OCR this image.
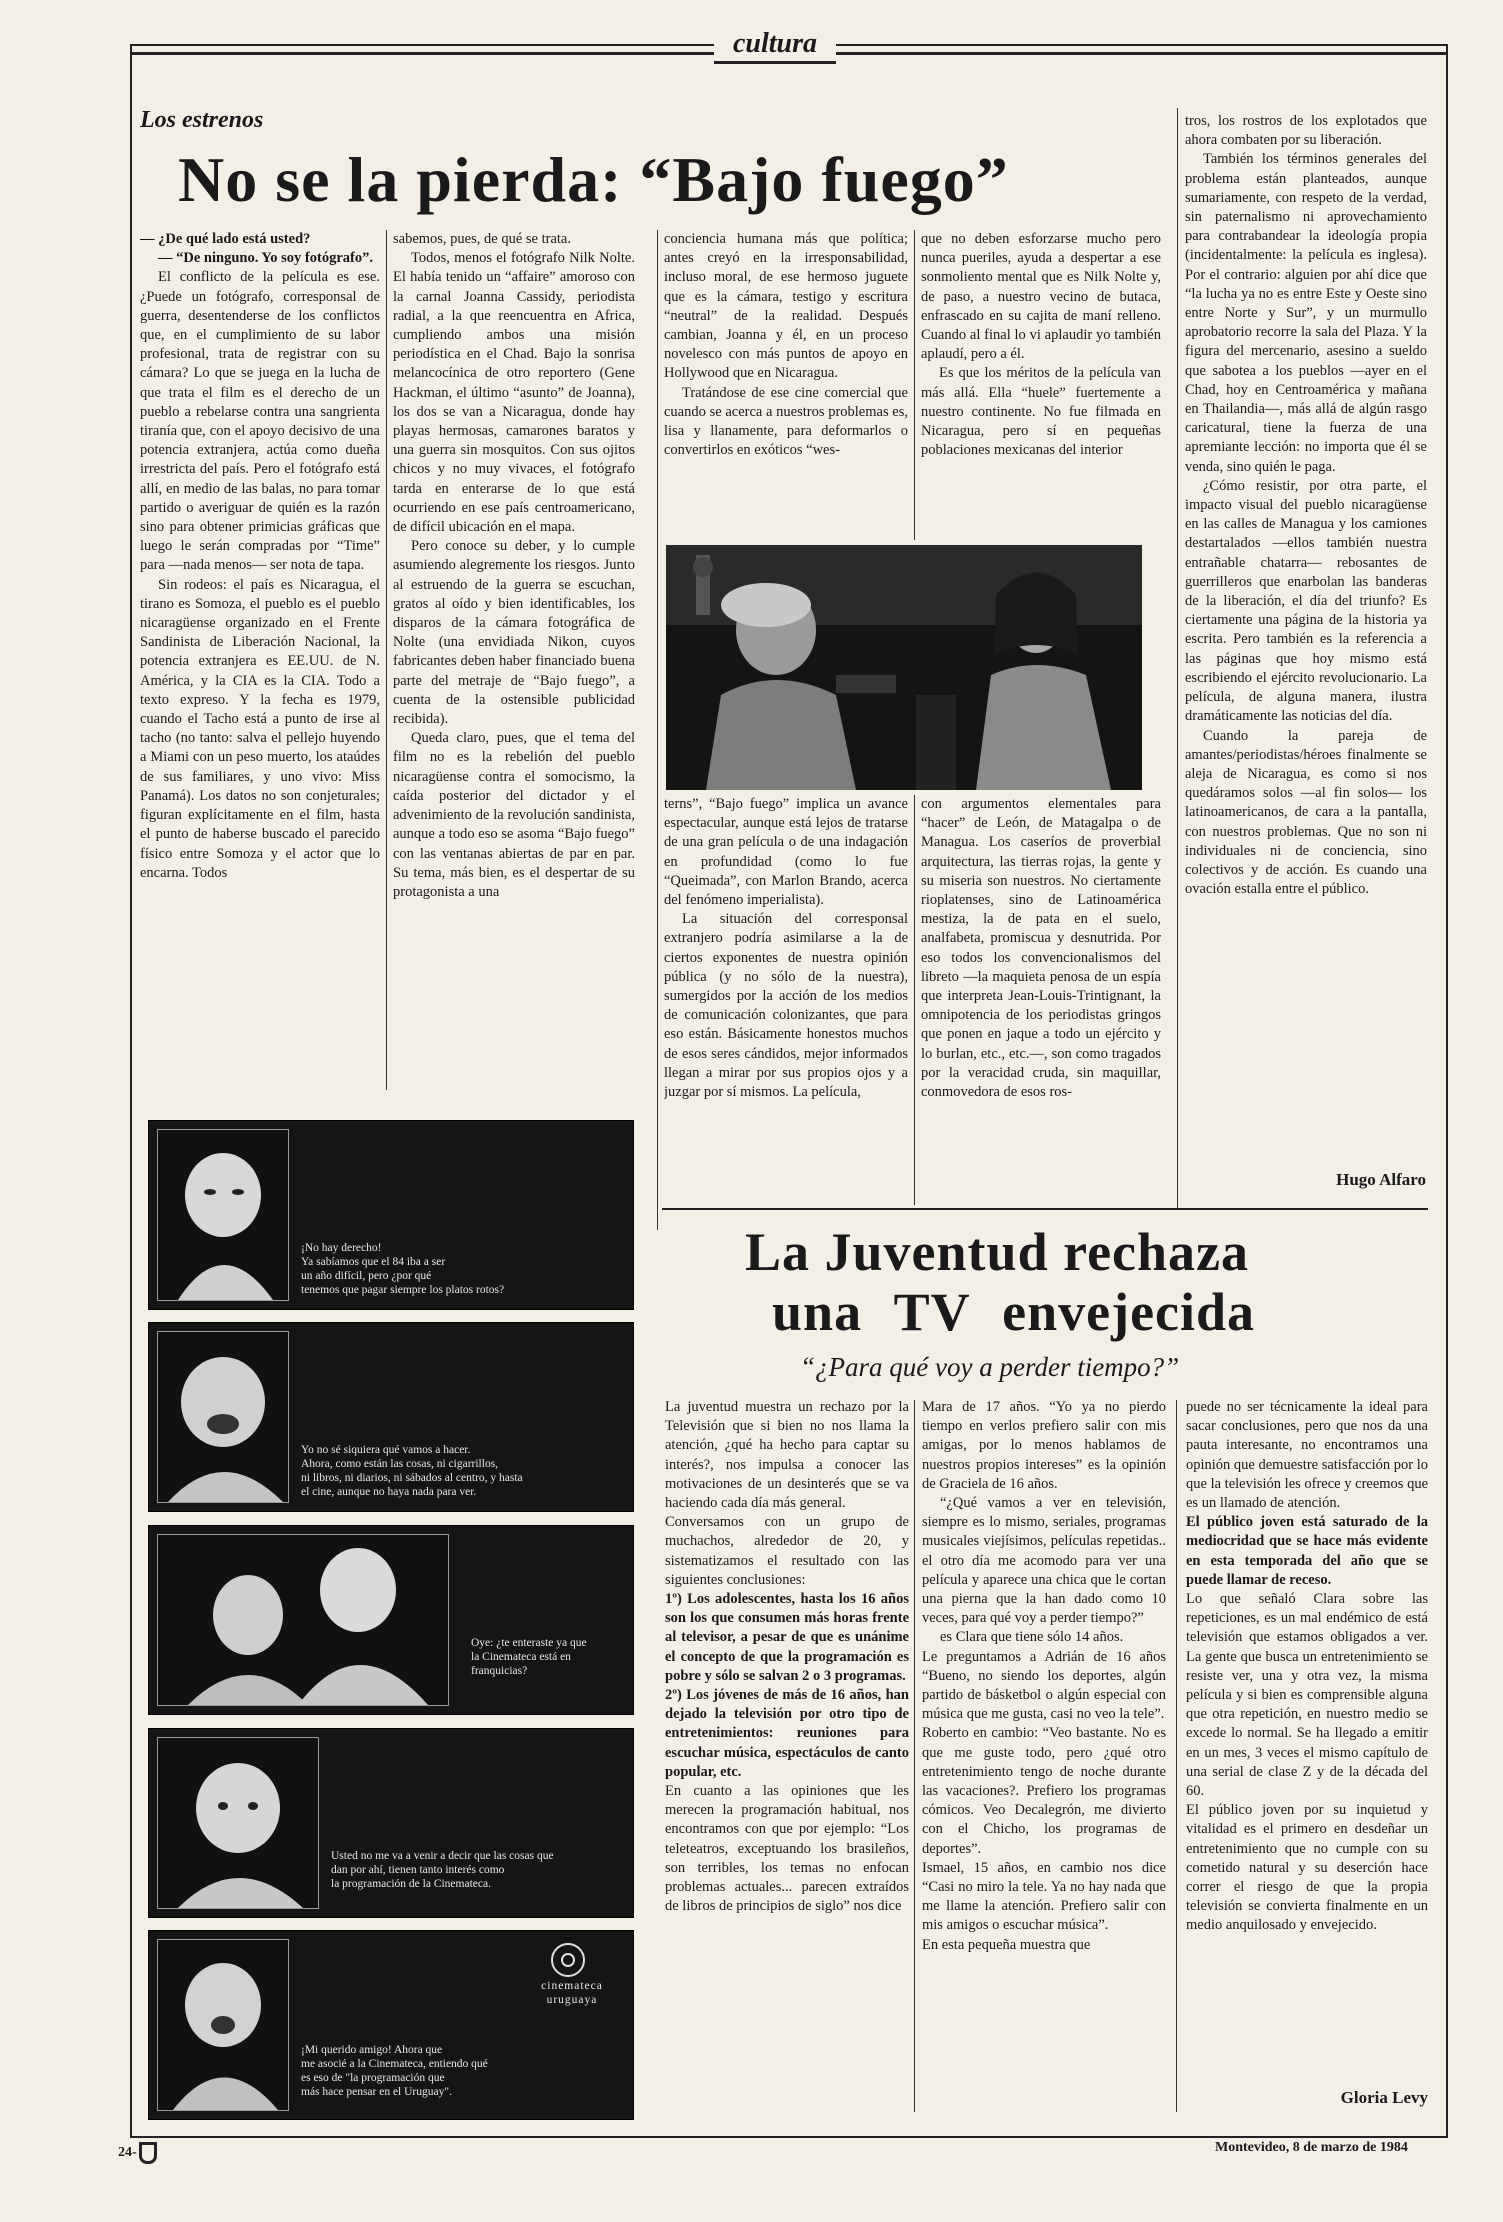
cultura
Los estrenos
No se la pierda: “Bajo fuego”

— ¿De qué lado está usted?

— “De ninguno. Yo soy fotógrafo”.

El conflicto de la película es ese. ¿Puede un fotógrafo, corresponsal de guerra, desentenderse de los conflictos que, en el cumplimiento de su labor profesional, trata de registrar con su cámara? Lo que se juega en la lucha de que trata el film es el derecho de un pueblo a rebelarse contra una sangrienta tiranía que, con el apoyo decisivo de una potencia extranjera, actúa como dueña irrestricta del país. Pero el fotógrafo está allí, en medio de las balas, no para tomar partido o averiguar de quién es la razón sino para obtener primicias gráficas que luego le serán compradas por “Time” para —nada menos— ser nota de tapa.

Sin rodeos: el país es Nicaragua, el tirano es Somoza, el pueblo es el pueblo nicaragüense organizado en el Frente Sandinista de Liberación Nacional, la potencia extranjera es EE.UU. de N. América, y la CIA es la CIA. Todo a texto expreso. Y la fecha es 1979, cuando el Tacho está a punto de irse al tacho (no tanto: salva el pellejo huyendo a Miami con un peso muerto, los ataúdes de sus familiares, y uno vivo: Miss Panamá). Los datos no son conjeturales; figuran explícitamente en el film, hasta el punto de haberse buscado el parecido físico entre Somoza y el actor que lo encarna. Todos

sabemos, pues, de qué se trata.

Todos, menos el fotógrafo Nilk Nolte. El había tenido un “affaire” amoroso con la carnal Joanna Cassidy, periodista radial, a la que reencuentra en Africa, cumpliendo ambos una misión periodística en el Chad. Bajo la sonrisa melancocínica de otro reportero (Gene Hackman, el último “asunto” de Joanna), los dos se van a Nicaragua, donde hay playas hermosas, camarones baratos y una guerra sin mosquitos. Con sus ojitos chicos y no muy vivaces, el fotógrafo tarda en enterarse de lo que está ocurriendo en ese país centroamericano, de difícil ubicación en el mapa.

Pero conoce su deber, y lo cumple asumiendo alegremente los riesgos. Junto al estruendo de la guerra se escuchan, gratos al oído y bien identificables, los disparos de la cámara fotográfica de Nolte (una envidiada Nikon, cuyos fabricantes deben haber financiado buena parte del metraje de “Bajo fuego”, a cuenta de la ostensible publicidad recibida).

Queda claro, pues, que el tema del film no es la rebelión del pueblo nicaragüense contra el somocismo, la caída posterior del dictador y el advenimiento de la revolución sandinista, aunque a todo eso se asoma “Bajo fuego” con las ventanas abiertas de par en par. Su tema, más bien, es el despertar de su protagonista a una

conciencia humana más que política; antes creyó en la irresponsabilidad, incluso moral, de ese hermoso juguete que es la cámara, testigo y escritura “neutral” de la realidad. Después cambian, Joanna y él, en un proceso novelesco con más puntos de apoyo en Hollywood que en Nicaragua.

Tratándose de ese cine comercial que cuando se acerca a nuestros problemas es, lisa y llanamente, para deformarlos o convertirlos en exóticos “wes-

que no deben esforzarse mucho pero nunca pueriles, ayuda a despertar a ese sonmoliento mental que es Nilk Nolte y, de paso, a nuestro vecino de butaca, enfrascado en su cajita de maní relleno. Cuando al final lo vi aplaudir yo también aplaudí, pero a él.

Es que los méritos de la película van más allá. Ella “huele” fuertemente a nuestro continente. No fue filmada en Nicaragua, pero sí en pequeñas poblaciones mexicanas del interior

tros, los rostros de los explotados que ahora combaten por su liberación.

También los términos generales del problema están planteados, aunque sumariamente, con respeto de la verdad, sin paternalismo ni aprovechamiento para contrabandear la ideología propia (incidentalmente: la película es inglesa). Por el contrario: alguien por ahí dice que “la lucha ya no es entre Este y Oeste sino entre Norte y Sur”, y un murmullo aprobatorio recorre la sala del Plaza. Y la figura del mercenario, asesino a sueldo que sabotea a los pueblos —ayer en el Chad, hoy en Centroamérica y mañana en Thailandia—, más allá de algún rasgo caricatural, tiene la fuerza de una apremiante lección: no importa que él se venda, sino quién le paga.

¿Cómo resistir, por otra parte, el impacto visual del pueblo nicaragüense en las calles de Managua y los camiones destartalados —ellos también nuestra entrañable chatarra— rebosantes de guerrilleros que enarbolan las banderas de la liberación, el día del triunfo? Es ciertamente una página de la historia ya escrita. Pero también es la referencia a las páginas que hoy mismo está escribiendo el ejército revolucionario. La película, de alguna manera, ilustra dramáticamente las noticias del día.

Cuando la pareja de amantes/periodistas/héroes finalmente se aleja de Nicaragua, es como si nos quedáramos solos —al fin solos— los latinoamericanos, de cara a la pantalla, con nuestros problemas. Que no son ni individuales ni de conciencia, sino colectivos y de acción. Es cuando una ovación estalla entre el público.

terns”, “Bajo fuego” implica un avance espectacular, aunque está lejos de tratarse de una gran película o de una indagación en profundidad (como lo fue “Queimada”, con Marlon Brando, acerca del fenómeno imperialista).

La situación del corresponsal extranjero podría asimilarse a la de ciertos exponentes de nuestra opinión pública (y no sólo de la nuestra), sumergidos por la acción de los medios de comunicación colonizantes, que para eso están. Básicamente honestos muchos de esos seres cándidos, mejor informados llegan a mirar por sus propios ojos y a juzgar por sí mismos. La película,

con argumentos elementales para “hacer” de León, de Matagalpa o de Managua. Los caseríos de proverbial arquitectura, las tierras rojas, la gente y su miseria son nuestros. No ciertamente rioplatenses, sino de Latinoamérica mestiza, la de pata en el suelo, analfabeta, promiscua y desnutrida. Por eso todos los convencionalismos del libreto —la maquieta penosa de un espía que interpreta Jean-Louis-Trintignant, la omnipotencia de los periodistas gringos que ponen en jaque a todo un ejército y lo burlan, etc., etc.—, son como tragados por la veracidad cruda, sin maquillar, conmovedora de esos ros-

Hugo Alfaro
¡No hay derecho!
Ya sabíamos que el 84 iba a ser
un año difícil, pero ¿por qué
tenemos que pagar siempre los platos rotos?
Yo no sé siquiera qué vamos a hacer.
Ahora, como están las cosas, ni cigarrillos,
ni libros, ni diarios, ni sábados al centro, y hasta
el cine, aunque no haya nada para ver.
Oye: ¿te enteraste ya que
la Cinemateca está en
franquicias?
Usted no me va a venir a decir que las cosas que
dan por ahí, tienen tanto interés como
la programación de la Cinemateca.
cinemateca
uruguaya
¡Mi querido amigo! Ahora que
me asocié a la Cinemateca, entiendo qué
es eso de "la programación que
más hace pensar en el Uruguay".
La Juventud rechaza
una TV envejecida
“¿Para qué voy a perder tiempo?”

La juventud muestra un rechazo por la Televisión que si bien no nos llama la atención, ¿qué ha hecho para captar su interés?, nos impulsa a conocer las motivaciones de un desinterés que se va haciendo cada día más general.

Conversamos con un grupo de muchachos, alrededor de 20, y sistematizamos el resultado con las siguientes conclusiones:

1º) Los adolescentes, hasta los 16 años son los que consumen más horas frente al televisor, a pesar de que es unánime el concepto de que la programación es pobre y sólo se salvan 2 o 3 programas.

2º) Los jóvenes de más de 16 años, han dejado la televisión por otro tipo de entretenimientos: reuniones para escuchar música, espectáculos de canto popular, etc.

En cuanto a las opiniones que les merecen la programación habitual, nos encontramos con que por ejemplo: “Los teleteatros, exceptuando los brasileños, son terribles, los temas no enfocan problemas actuales... parecen extraídos de libros de principios de siglo” nos dice

Mara de 17 años. “Yo ya no pierdo tiempo en verlos prefiero salir con mis amigas, por lo menos hablamos de nuestros propios intereses” es la opinión de Graciela de 16 años.

“¿Qué vamos a ver en televisión, siempre es lo mismo, seriales, programas musicales viejísimos, películas repetidas.. el otro día me acomodo para ver una película y aparece una chica que le cortan una pierna que la han dado como 10 veces, para qué voy a perder tiempo?”

es Clara que tiene sólo 14 años.

Le preguntamos a Adrián de 16 años “Bueno, no siendo los deportes, algún partido de básketbol o algún especial con música que me gusta, casi no veo la tele”.

Roberto en cambio: “Veo bastante. No es que me guste todo, pero ¿qué otro entretenimiento tengo de noche durante las vacaciones?. Prefiero los programas cómicos. Veo Decalegrón, me divierto con el Chicho, los programas de deportes”.

Ismael, 15 años, en cambio nos dice “Casi no miro la tele. Ya no hay nada que me llame la atención. Prefiero salir con mis amigos o escuchar música”.

En esta pequeña muestra que

puede no ser técnicamente la ideal para sacar conclusiones, pero que nos da una pauta interesante, no encontramos una opinión que demuestre satisfacción por lo que la televisión les ofrece y creemos que es un llamado de atención.

El público joven está saturado de la mediocridad que se hace más evidente en esta temporada del año que se puede llamar de receso.

Lo que señaló Clara sobre las repeticiones, es un mal endémico de está televisión que estamos obligados a ver. La gente que busca un entretenimiento se resiste ver, una y otra vez, la misma película y si bien es comprensible alguna que otra repetición, en nuestro medio se excede lo normal. Se ha llegado a emitir en un mes, 3 veces el mismo capítulo de una serial de clase Z y de la década del 60.

El público joven por su inquietud y vitalidad es el primero en desdeñar un entretenimiento que no cumple con su cometido natural y su deserción hace correr el riesgo de que la propia televisión se convierta finalmente en un medio anquilosado y envejecido.

Gloria Levy
24-	Montevideo, 8 de marzo de 1984
